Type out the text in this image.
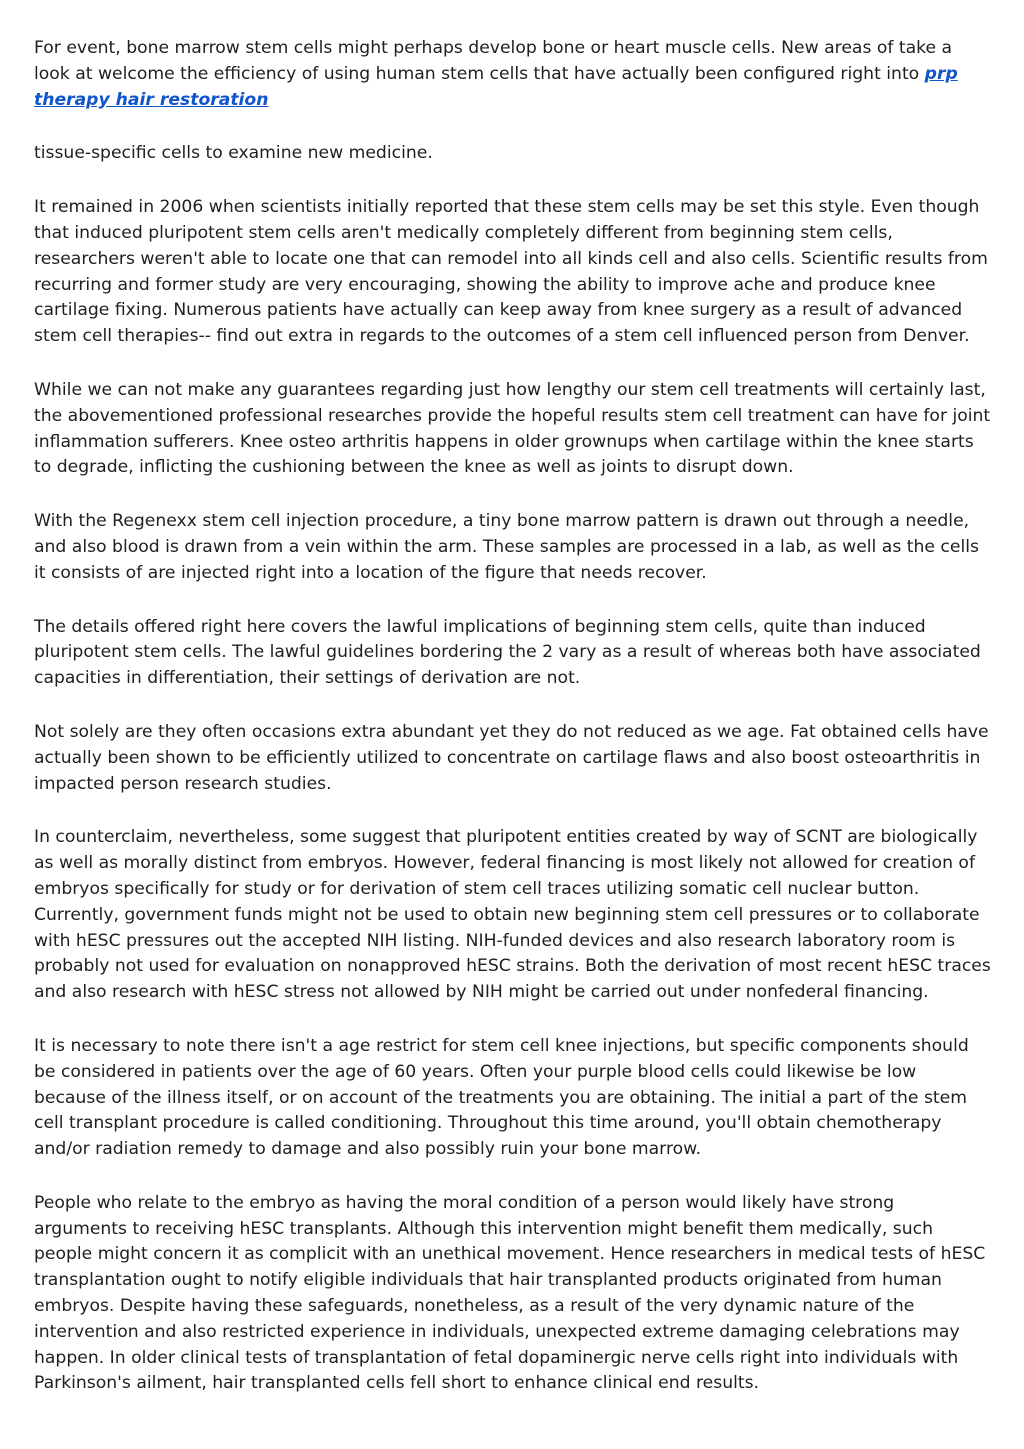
For event, bone marrow stem cells might perhaps develop bone or heart muscle cells. New areas of take a look at welcome the efficiency of using human stem cells that have actually been configured right into prp therapy hair restoration

tissue-specific cells to examine new medicine.

It remained in 2006 when scientists initially reported that these stem cells may be set this style. Even though that induced pluripotent stem cells aren't medically completely different from beginning stem cells, researchers weren't able to locate one that can remodel into all kinds cell and also cells. Scientific results from recurring and former study are very encouraging, showing the ability to improve ache and produce knee cartilage fixing. Numerous patients have actually can keep away from knee surgery as a result of advanced stem cell therapies-- find out extra in regards to the outcomes of a stem cell influenced person from Denver.

While we can not make any guarantees regarding just how lengthy our stem cell treatments will certainly last, the abovementioned professional researches provide the hopeful results stem cell treatment can have for joint inflammation sufferers. Knee osteo arthritis happens in older grownups when cartilage within the knee starts to degrade, inflicting the cushioning between the knee as well as joints to disrupt down.

With the Regenexx stem cell injection procedure, a tiny bone marrow pattern is drawn out through a needle, and also blood is drawn from a vein within the arm. These samples are processed in a lab, as well as the cells it consists of are injected right into a location of the figure that needs recover.

The details offered right here covers the lawful implications of beginning stem cells, quite than induced pluripotent stem cells. The lawful guidelines bordering the 2 vary as a result of whereas both have associated capacities in differentiation, their settings of derivation are not.

Not solely are they often occasions extra abundant yet they do not reduced as we age. Fat obtained cells have actually been shown to be efficiently utilized to concentrate on cartilage flaws and also boost osteoarthritis in impacted person research studies.

In counterclaim, nevertheless, some suggest that pluripotent entities created by way of SCNT are biologically as well as morally distinct from embryos. However, federal financing is most likely not allowed for creation of embryos specifically for study or for derivation of stem cell traces utilizing somatic cell nuclear button. Currently, government funds might not be used to obtain new beginning stem cell pressures or to collaborate with hESC pressures out the accepted NIH listing. NIH-funded devices and also research laboratory room is probably not used for evaluation on nonapproved hESC strains. Both the derivation of most recent hESC traces and also research with hESC stress not allowed by NIH might be carried out under nonfederal financing.

It is necessary to note there isn't a age restrict for stem cell knee injections, but specific components should be considered in patients over the age of 60 years. Often your purple blood cells could likewise be low because of the illness itself, or on account of the treatments you are obtaining. The initial a part of the stem cell transplant procedure is called conditioning. Throughout this time around, you'll obtain chemotherapy and/or radiation remedy to damage and also possibly ruin your bone marrow.

People who relate to the embryo as having the moral condition of a person would likely have strong arguments to receiving hESC transplants. Although this intervention might benefit them medically, such people might concern it as complicit with an unethical movement. Hence researchers in medical tests of hESC transplantation ought to notify eligible individuals that hair transplanted products originated from human embryos. Despite having these safeguards, nonetheless, as a result of the very dynamic nature of the intervention and also restricted experience in individuals, unexpected extreme damaging celebrations may happen. In older clinical tests of transplantation of fetal dopaminergic nerve cells right into individuals with Parkinson's ailment, hair transplanted cells fell short to enhance clinical end results.
